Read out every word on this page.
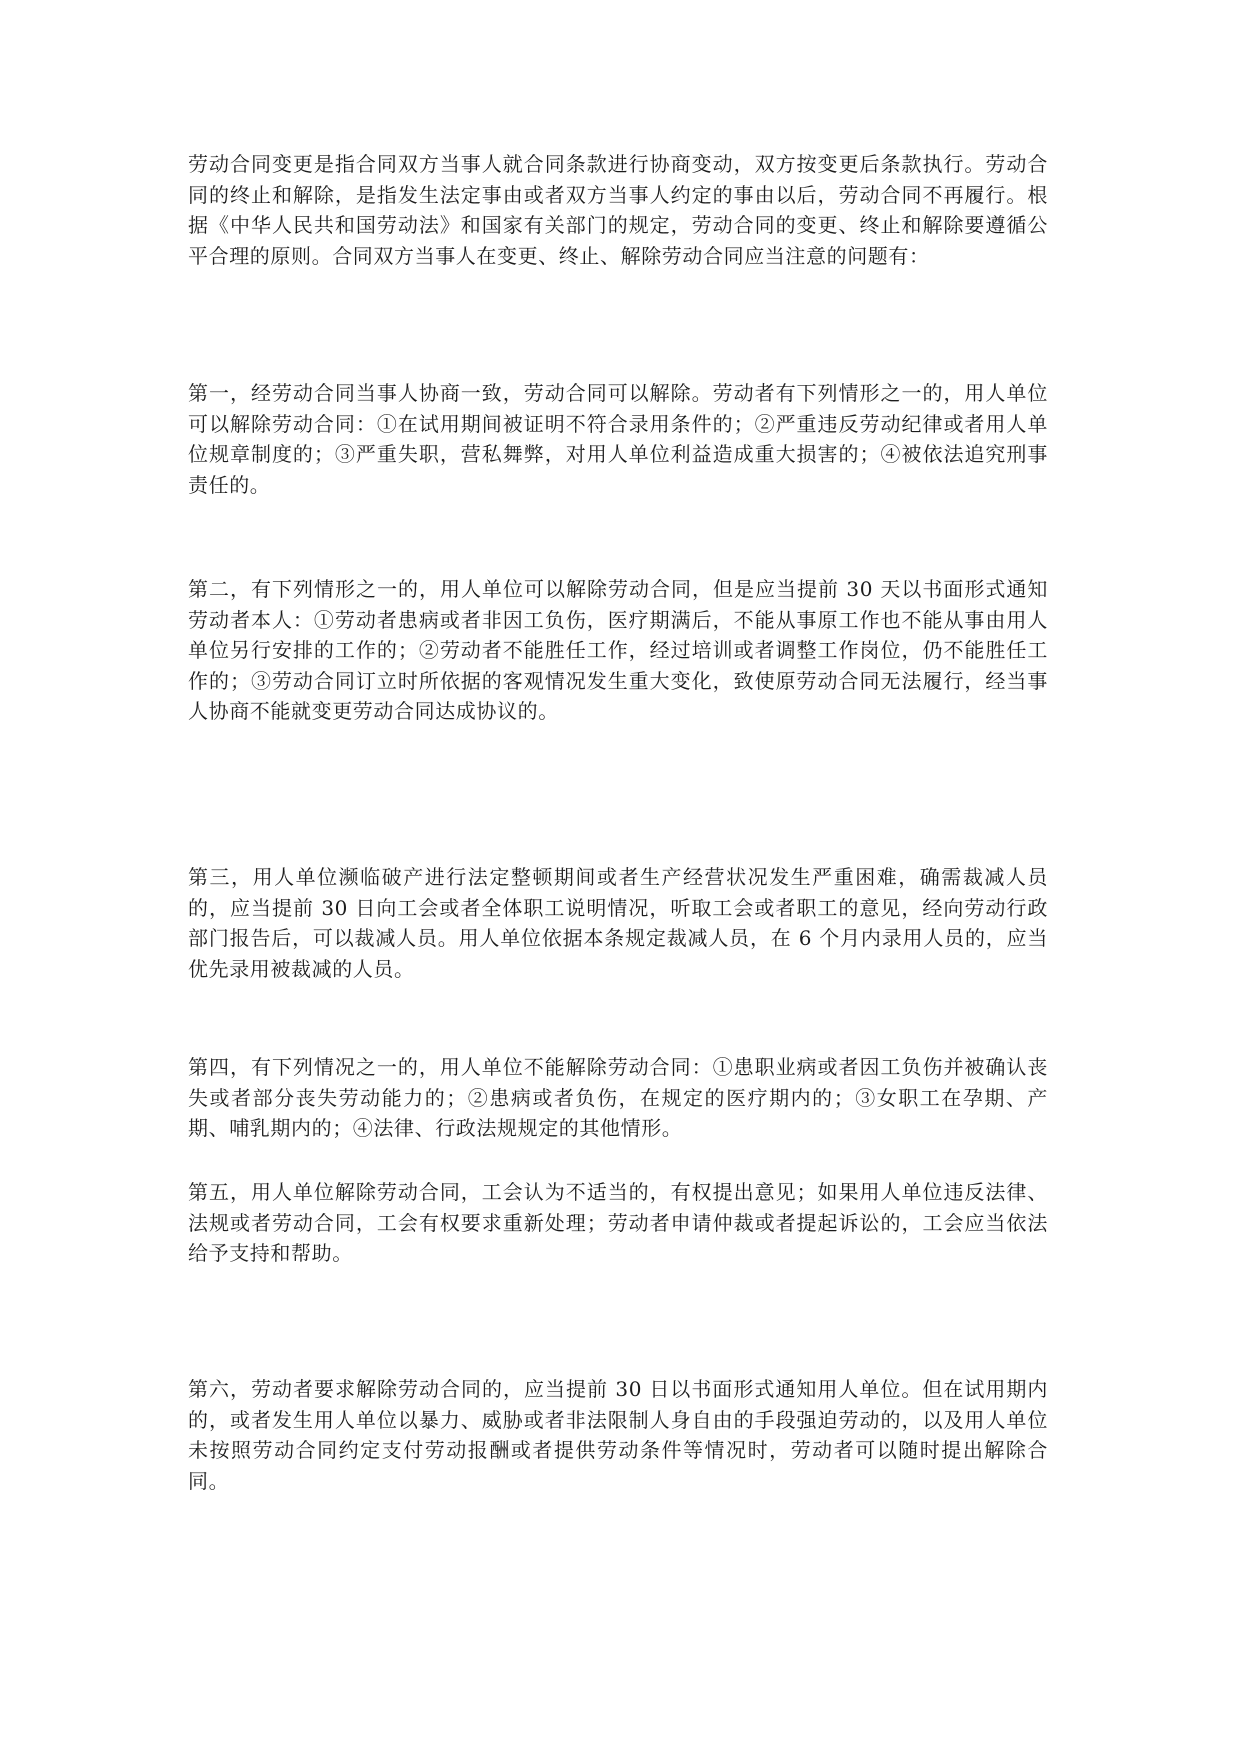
劳动合同变更是指合同双方当事人就合同条款进行协商变动，双方按变更后条款执行。劳动合同的终止和解除，是指发生法定事由或者双方当事人约定的事由以后，劳动合同不再履行。根据《中华人民共和国劳动法》和国家有关部门的规定，劳动合同的变更、终止和解除要遵循公平合理的原则。合同双方当事人在变更、终止、解除劳动合同应当注意的问题有：

第一，经劳动合同当事人协商一致，劳动合同可以解除。劳动者有下列情形之一的，用人单位可以解除劳动合同：①在试用期间被证明不符合录用条件的；②严重违反劳动纪律或者用人单位规章制度的；③严重失职，营私舞弊，对用人单位利益造成重大损害的；④被依法追究刑事责任的。

第二，有下列情形之一的，用人单位可以解除劳动合同，但是应当提前 30 天以书面形式通知劳动者本人：①劳动者患病或者非因工负伤，医疗期满后，不能从事原工作也不能从事由用人单位另行安排的工作的；②劳动者不能胜任工作，经过培训或者调整工作岗位，仍不能胜任工作的；③劳动合同订立时所依据的客观情况发生重大变化，致使原劳动合同无法履行，经当事人协商不能就变更劳动合同达成协议的。

第三，用人单位濒临破产进行法定整顿期间或者生产经营状况发生严重困难，确需裁减人员的，应当提前 30 日向工会或者全体职工说明情况，听取工会或者职工的意见，经向劳动行政部门报告后，可以裁减人员。用人单位依据本条规定裁减人员，在 6 个月内录用人员的，应当优先录用被裁减的人员。

第四，有下列情况之一的，用人单位不能解除劳动合同：①患职业病或者因工负伤并被确认丧失或者部分丧失劳动能力的；②患病或者负伤，在规定的医疗期内的；③女职工在孕期、产期、哺乳期内的；④法律、行政法规规定的其他情形。

第五，用人单位解除劳动合同，工会认为不适当的，有权提出意见；如果用人单位违反法律、法规或者劳动合同，工会有权要求重新处理；劳动者申请仲裁或者提起诉讼的，工会应当依法给予支持和帮助。

第六，劳动者要求解除劳动合同的，应当提前 30 日以书面形式通知用人单位。但在试用期内的，或者发生用人单位以暴力、威胁或者非法限制人身自由的手段强迫劳动的，以及用人单位未按照劳动合同约定支付劳动报酬或者提供劳动条件等情况时，劳动者可以随时提出解除合同。
